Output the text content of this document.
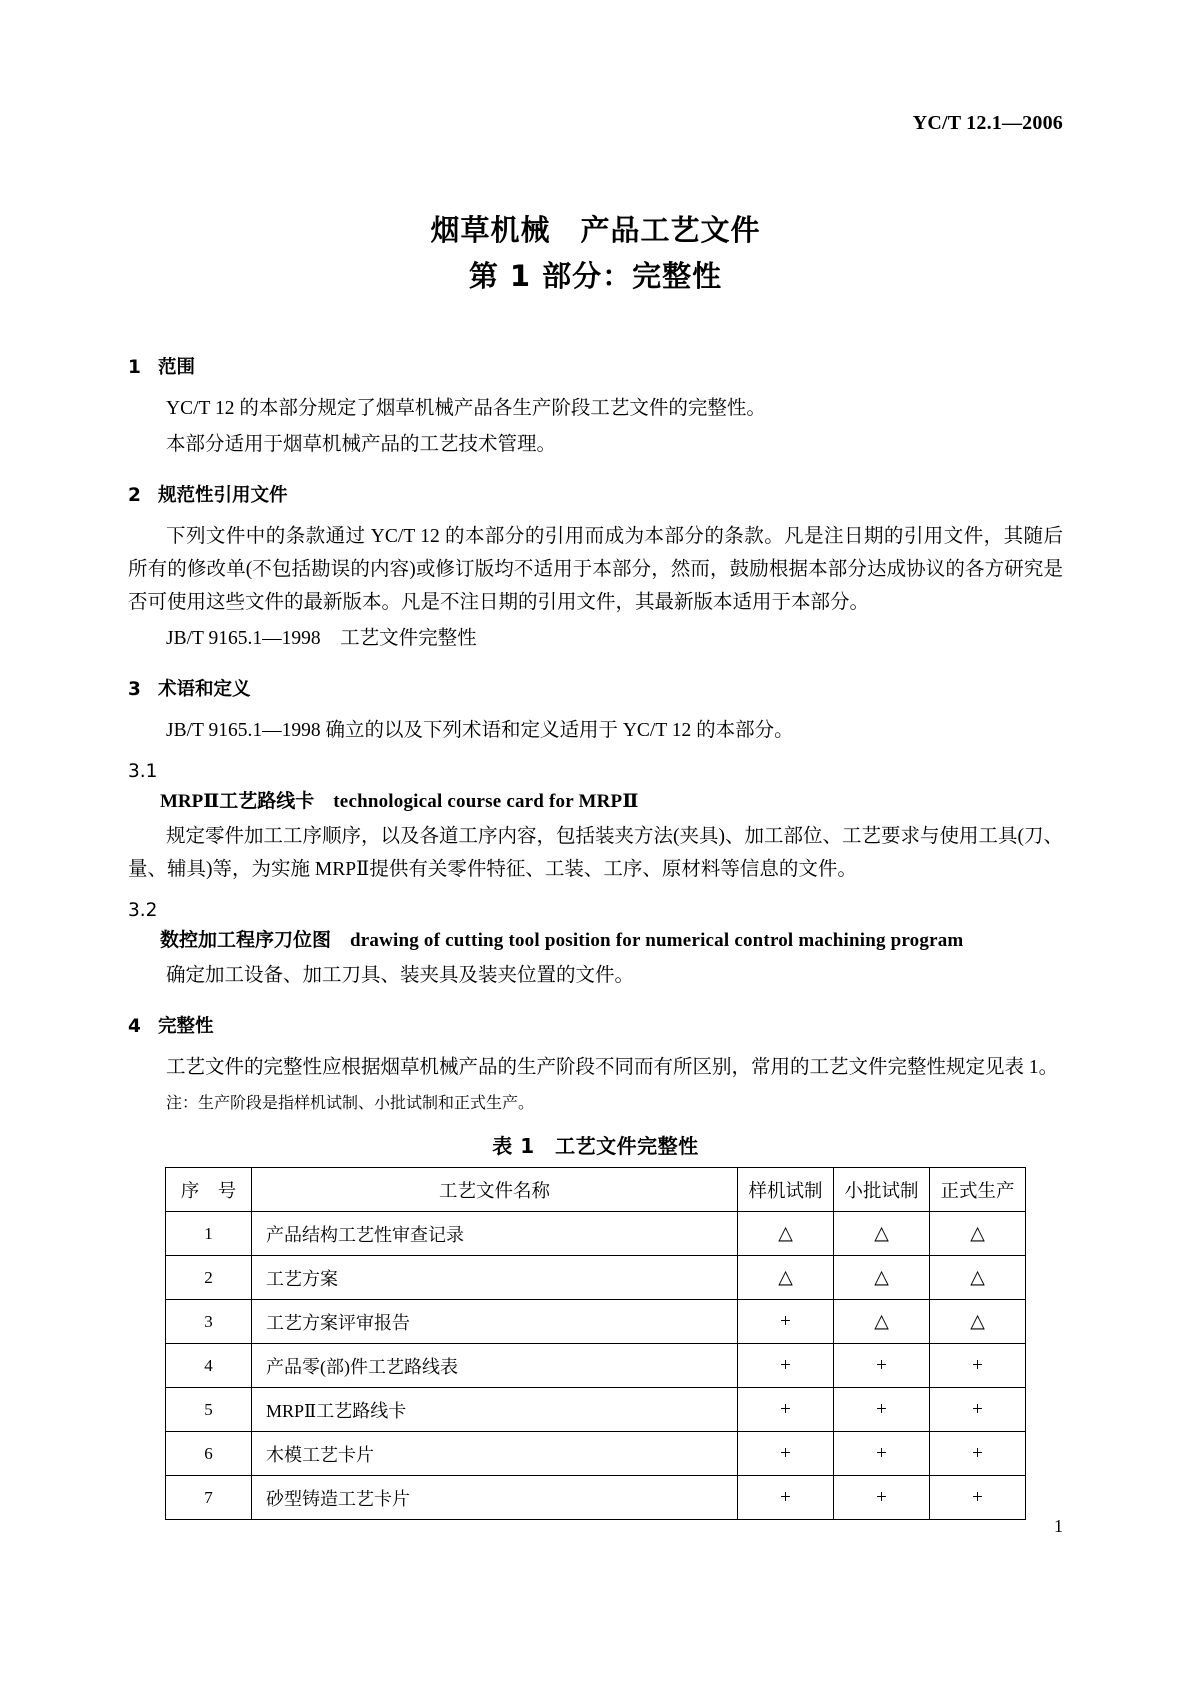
YC/T 12.1—2006
烟草机械　产品工艺文件
第 1 部分：完整性
1 范围

YC/T 12 的本部分规定了烟草机械产品各生产阶段工艺文件的完整性。

本部分适用于烟草机械产品的工艺技术管理。

2 规范性引用文件

下列文件中的条款通过 YC/T 12 的本部分的引用而成为本部分的条款。凡是注日期的引用文件，其随后所有的修改单(不包括勘误的内容)或修订版均不适用于本部分，然而，鼓励根据本部分达成协议的各方研究是否可使用这些文件的最新版本。凡是不注日期的引用文件，其最新版本适用于本部分。

JB/T 9165.1—1998　工艺文件完整性

3 术语和定义

JB/T 9165.1—1998 确立的以及下列术语和定义适用于 YC/T 12 的本部分。

3.1
MRPⅡ工艺路线卡 technological course card for MRPⅡ

规定零件加工工序顺序，以及各道工序内容，包括装夹方法(夹具)、加工部位、工艺要求与使用工具(刀、量、辅具)等，为实施 MRPⅡ提供有关零件特征、工装、工序、原材料等信息的文件。

3.2
数控加工程序刀位图 drawing of cutting tool position for numerical control machining program

确定加工设备、加工刀具、装夹具及装夹位置的文件。

4 完整性

工艺文件的完整性应根据烟草机械产品的生产阶段不同而有所区别，常用的工艺文件完整性规定见表 1。

注：生产阶段是指样机试制、小批试制和正式生产。

表 1　工艺文件完整性
序　号	工艺文件名称	样机试制	小批试制	正式生产
1	产品结构工艺性审查记录	△	△	△
2	工艺方案	△	△	△
3	工艺方案评审报告	+	△	△
4	产品零(部)件工艺路线表	+	+	+
5	MRPⅡ工艺路线卡	+	+	+
6	木模工艺卡片	+	+	+
7	砂型铸造工艺卡片	+	+	+
1
